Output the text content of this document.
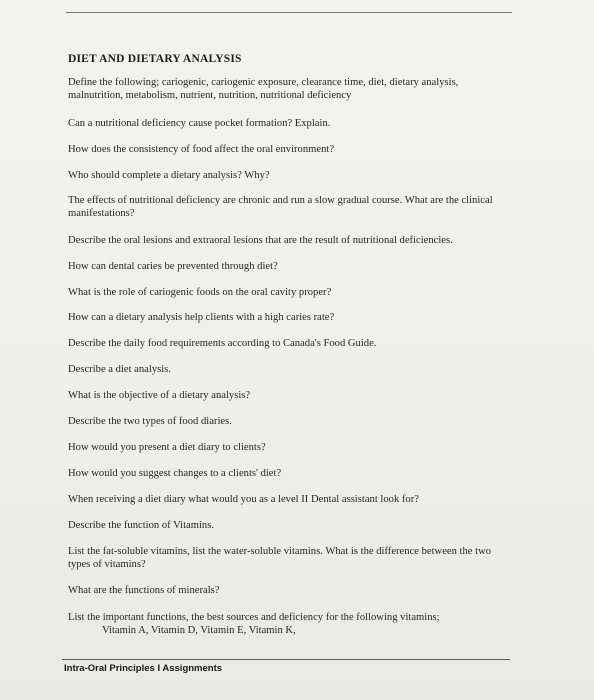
DIET AND DIETARY ANALYSIS
Define the following; cariogenic, cariogenic exposure, clearance time, diet, dietary analysis, malnutrition, metabolism, nutrient, nutrition, nutritional deficiency
Can a nutritional deficiency cause pocket formation? Explain.
How does the consistency of food affect the oral environment?
Who should complete a dietary analysis? Why?
The effects of nutritional deficiency are chronic and run a slow gradual course. What are the clinical manifestations?
Describe the oral lesions and extraoral lesions that are the result of nutritional deficiencies.
How can dental caries be prevented through diet?
What is the role of cariogenic foods on the oral cavity proper?
How can a dietary analysis help clients with a high caries rate?
Describe the daily food requirements according to Canada's Food Guide.
Describe a diet analysis.
What is the objective of a dietary analysis?
Describe the two types of food diaries.
How would you present a diet diary to clients?
How would you suggest changes to a clients' diet?
When receiving a diet diary what would you as a level II Dental assistant look for?
Describe the function of Vitamins.
List the fat-soluble vitamins, list the water-soluble vitamins. What is the difference between the two types of vitamins?
What are the functions of minerals?
List the important functions, the best sources and deficiency for the following vitamins;
Vitamin A, Vitamin D, Vitamin E, Vitamin K,
Intra-Oral Principles I Assignments
